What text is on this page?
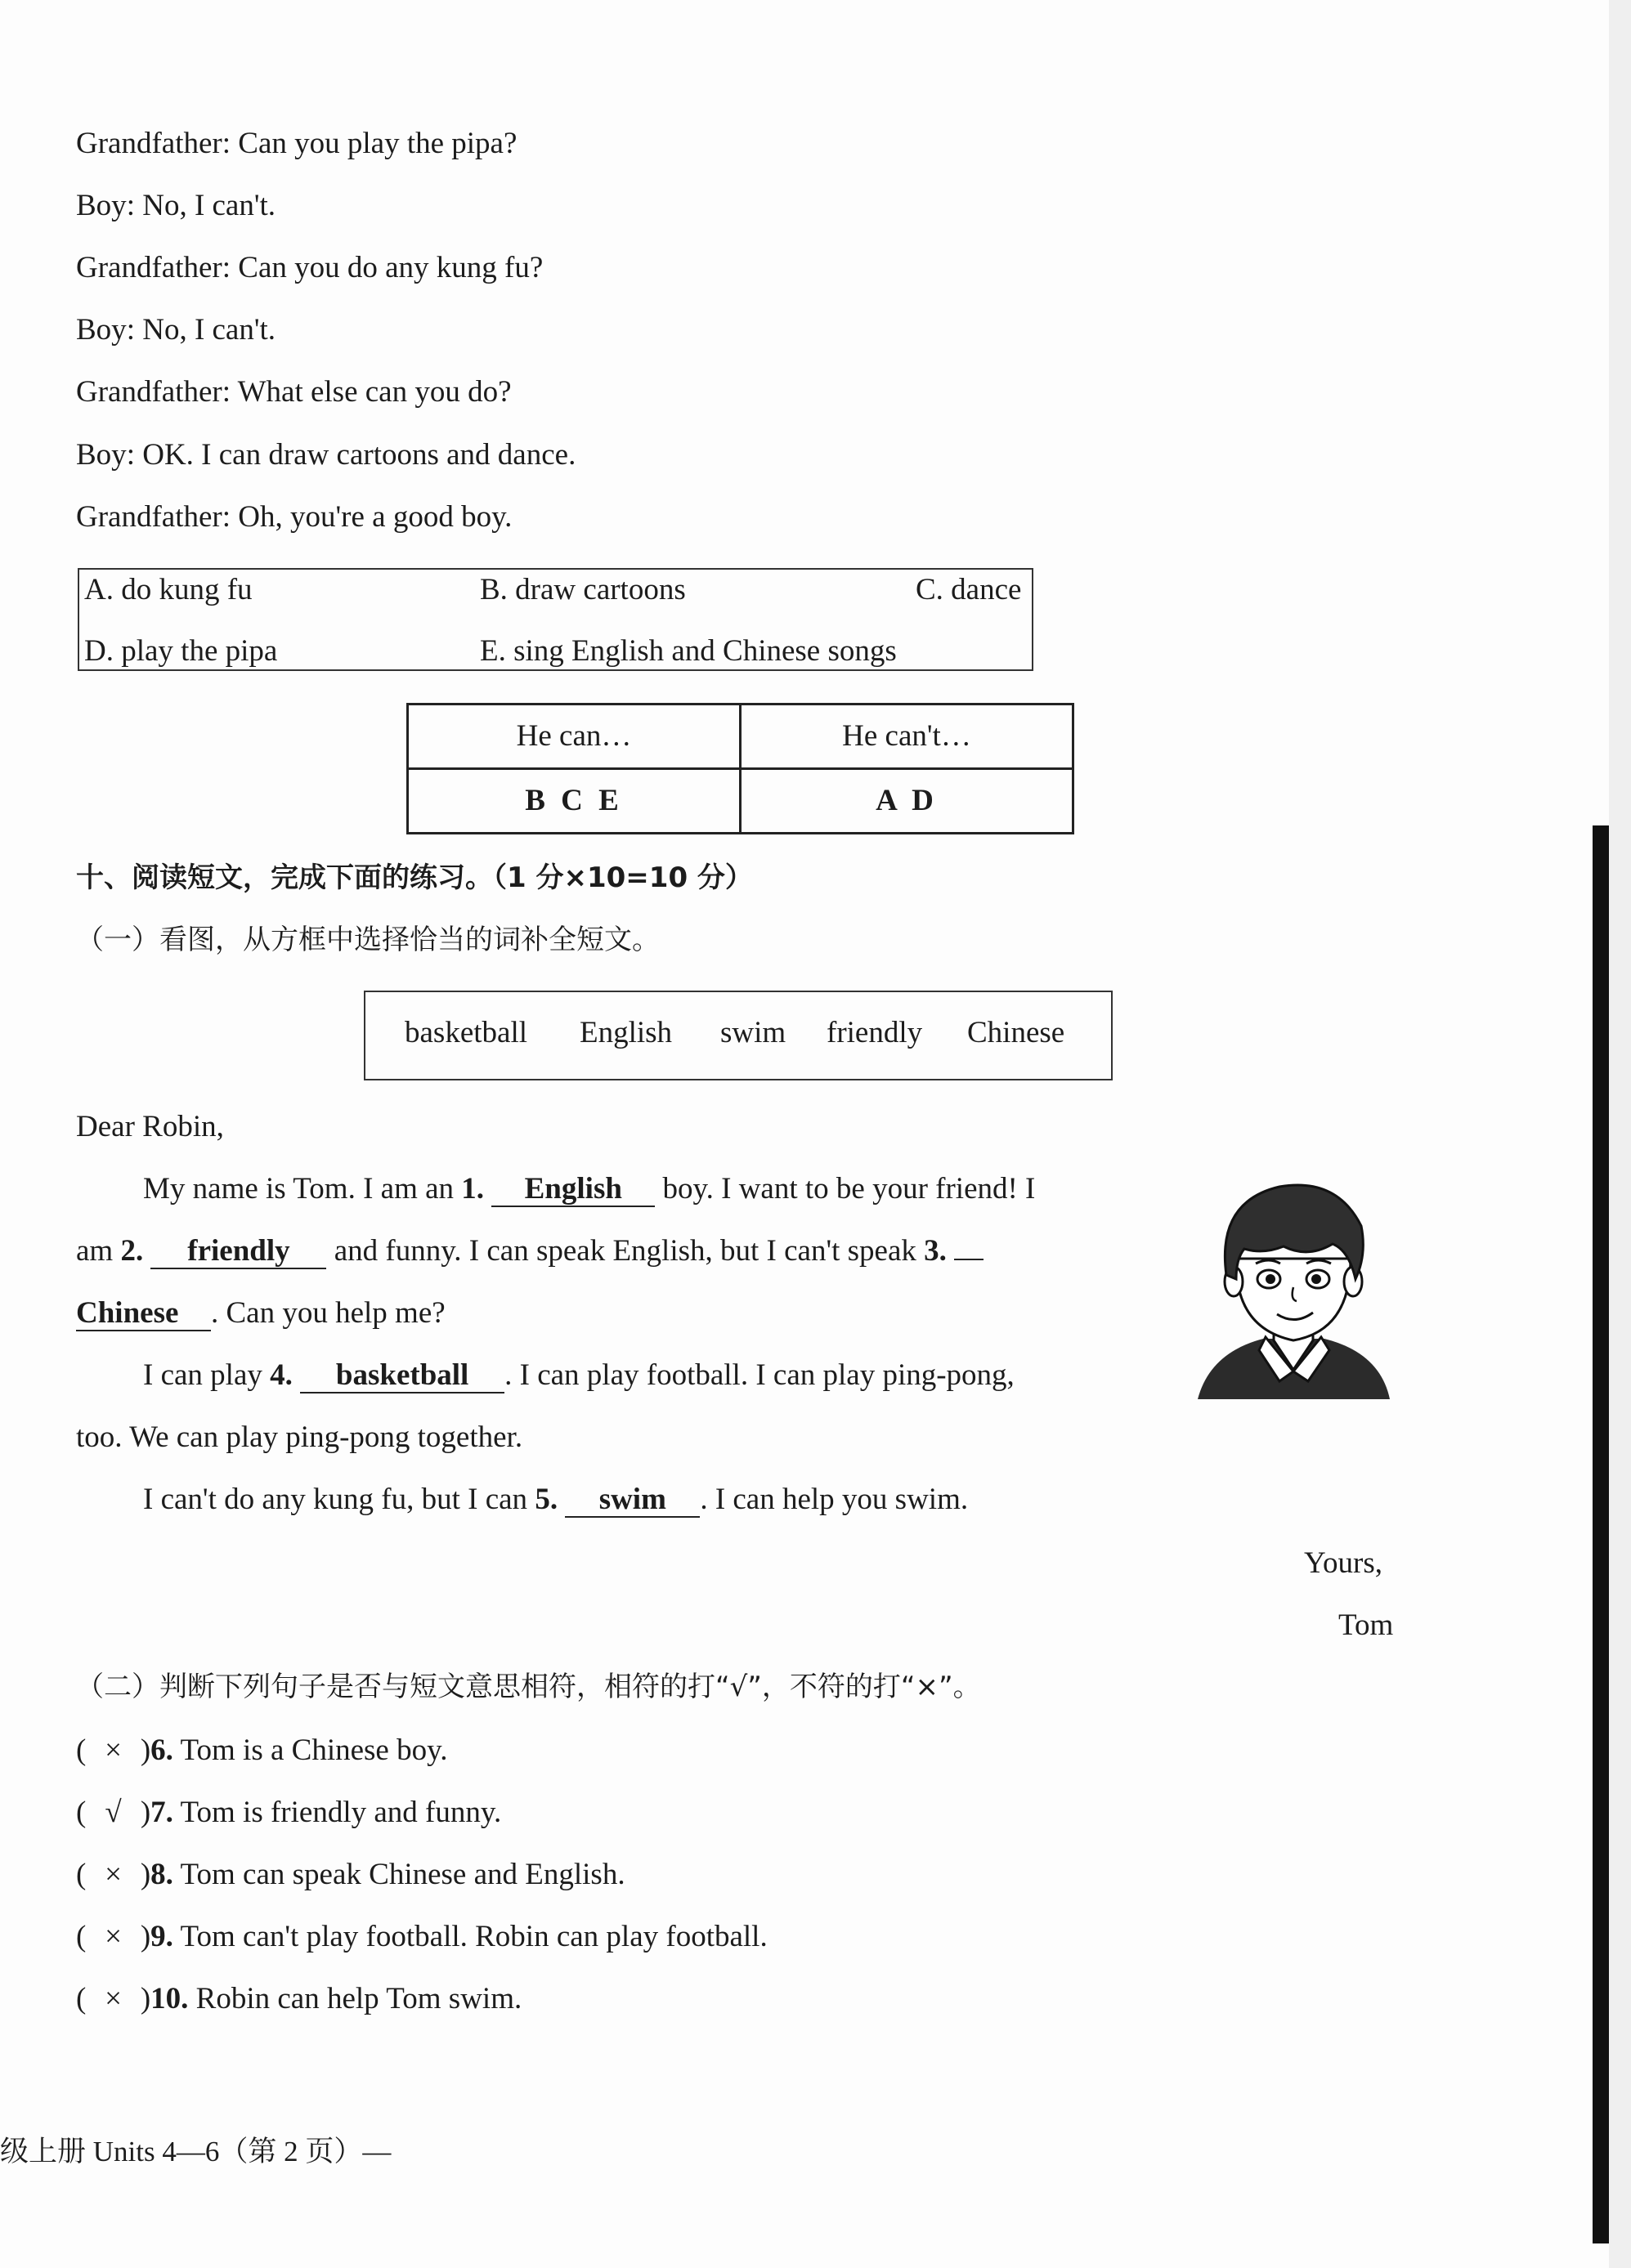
Grandfather: Can you play the pipa?
Boy: No, I can't.
Grandfather: Can you do any kung fu?
Boy: No, I can't.
Grandfather: What else can you do?
Boy: OK. I can draw cartoons and dance.
Grandfather: Oh, you're a good boy.
A. do kung fu	B. draw cartoons	C. dance
D. play the pipa	E. sing English and Chinese songs
He can…	He can't…
B C E	A D
十、阅读短文，完成下面的练习。（1 分×10=10 分）
（一）看图，从方框中选择恰当的词补全短文。
basketball English swim friendly Chinese
Dear Robin,
My name is Tom. I am an 1. English boy. I want to be your friend! I
am 2. friendly and funny. I can speak English, but I can't speak 3.
Chinese . Can you help me?
I can play 4. basketball . I can play football. I can play ping-pong,
too. We can play ping-pong together.
I can't do any kung fu, but I can 5. swim . I can help you swim.
Yours,
Tom
（二）判断下列句子是否与短文意思相符，相符的打“√”，不符的打“×”。
( × )6. Tom is a Chinese boy.
( √ )7. Tom is friendly and funny.
( × )8. Tom can speak Chinese and English.
( × )9. Tom can't play football. Robin can play football.
( × )10. Robin can help Tom swim.
级上册 Units 4—6（第 2 页）—
